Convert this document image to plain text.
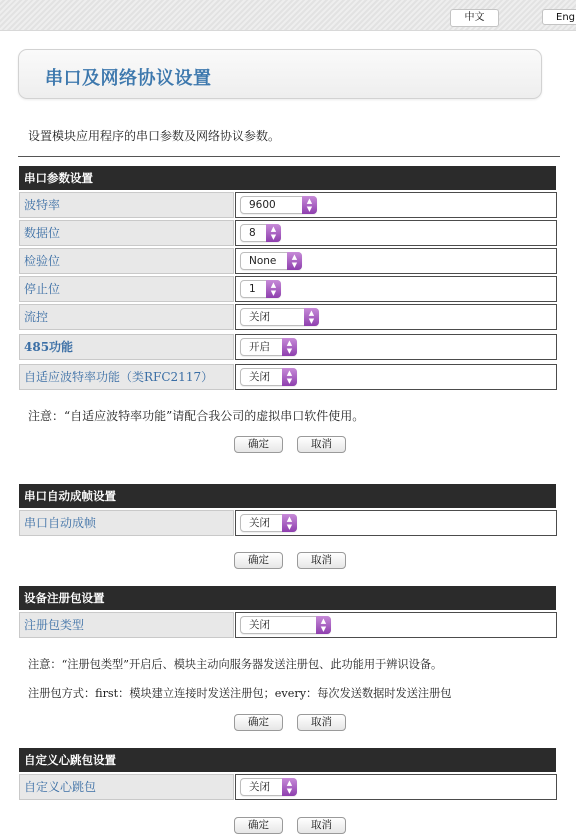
中文	Eng
串口及网络协议设置
设置模块应用程序的串口参数及网络协议参数。
串口参数设置
波特率	9600	▲
▼
数据位	8	▲
▼
检验位	None	▲
▼
停止位	1	▲
▼
流控	关闭	▲
▼
485功能	开启	▲
▼
自适应波特率功能（类RFC2117）	关闭	▲
▼
注意：“自适应波特率功能”请配合我公司的虚拟串口软件使用。
确定	取消
串口自动成帧设置
串口自动成帧	关闭	▲
▼
确定	取消
设备注册包设置
注册包类型	关闭	▲
▼
注意：“注册包类型”开启后、模块主动向服务器发送注册包、此功能用于辨识设备。
注册包方式：first：模块建立连接时发送注册包；every：每次发送数据时发送注册包
确定	取消
自定义心跳包设置
自定义心跳包	关闭	▲
▼
确定	取消
